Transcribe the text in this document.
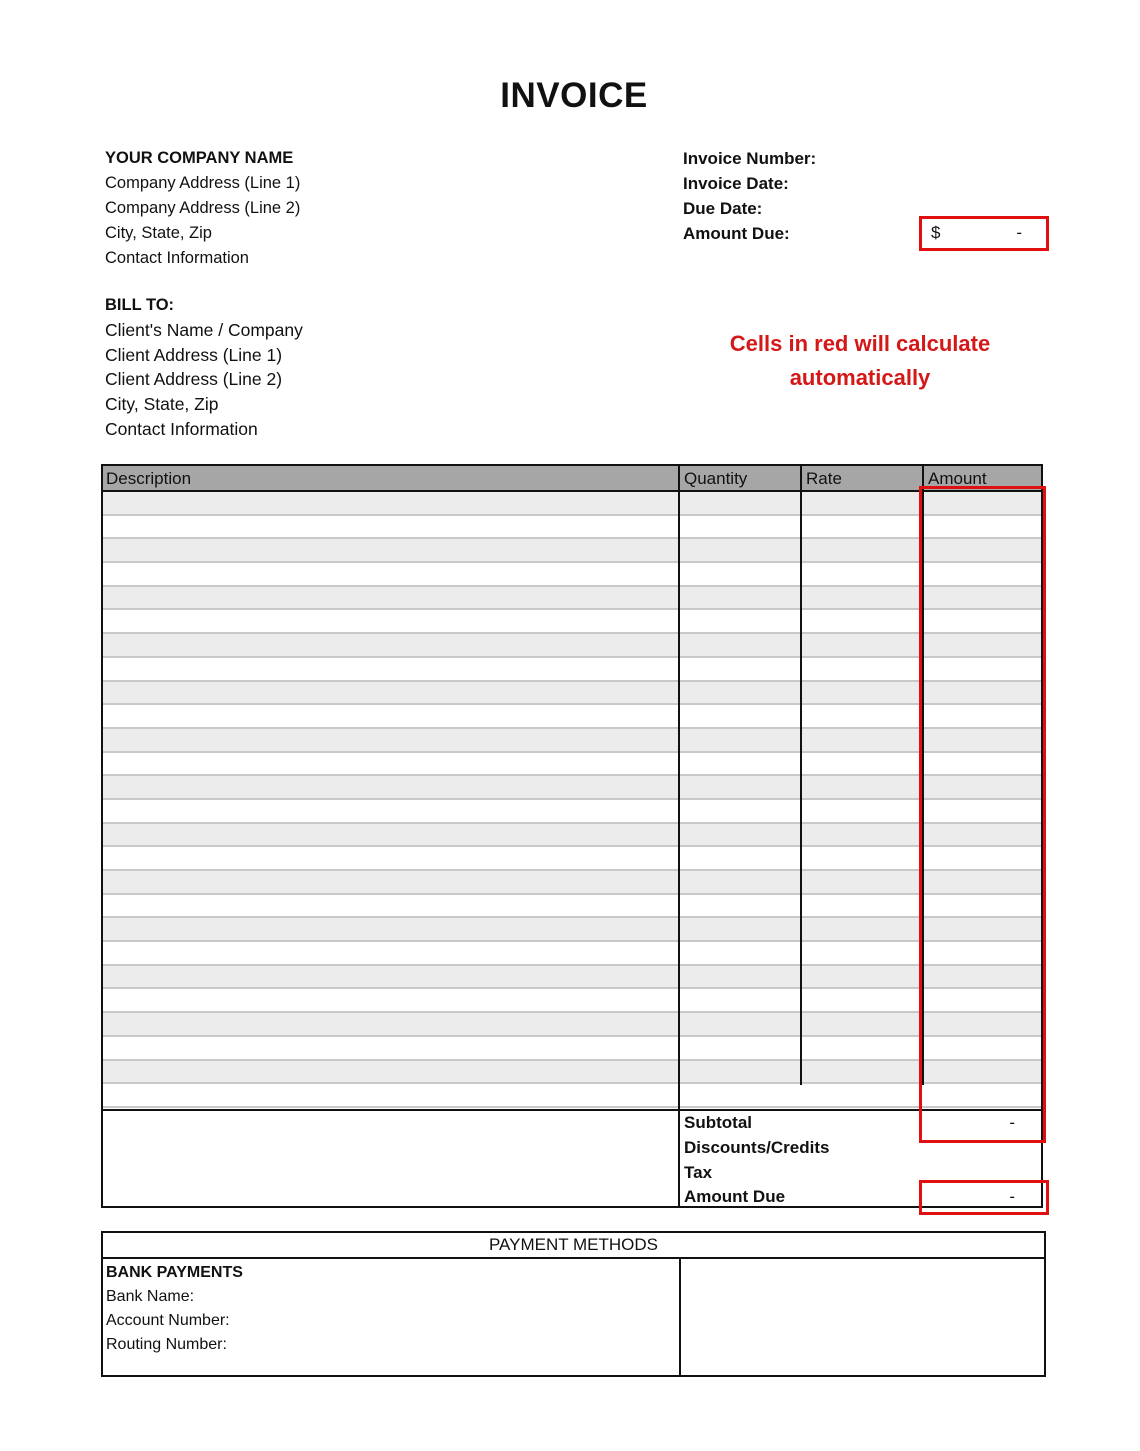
INVOICE
YOUR COMPANY NAME
Company Address (Line 1)
Company Address (Line 2)
City, State, Zip
Contact Information
Invoice Number:
Invoice Date:
Due Date:
Amount Due:	$	-
BILL TO:
Client's Name / Company
Client Address (Line 1)
Client Address (Line 2)
City, State, Zip
Contact Information
Cells in red will calculate
automatically
Description	Quantity	Rate	Amount
Subtotal	-
Discounts/Credits
Tax
Amount Due	-
PAYMENT METHODS
BANK PAYMENTS
Bank Name:
Account Number:
Routing Number:
